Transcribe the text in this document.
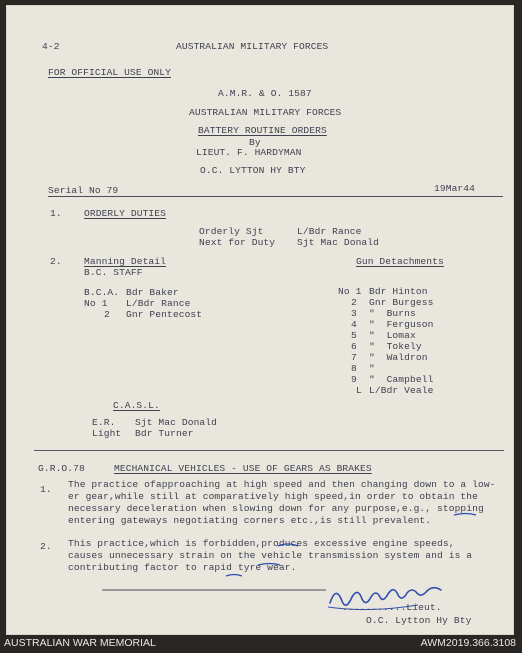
4-2	AUSTRALIAN MILITARY FORCES
FOR OFFICIAL USE ONLY
A.M.R. & O. 1587
AUSTRALIAN MILITARY FORCES
BATTERY ROUTINE ORDERS
By
LIEUT. F. HARDYMAN
O.C. LYTTON HY BTY
Serial No 79	19Mar44
1. ORDERLY DUTIES
Orderly Sjt	L/Bdr Rance
Next for Duty Sjt Mac Donald
2. Manning Detail
B.C. STAFF
Gun Detachments
B.C.A. Bdr Baker
No 1 L/Bdr Rance
2 Gnr Pentecost
No 1 Bdr Hinton
2 Gnr Burgess
3 "  Burns
4 "  Ferguson
5 "  Lomax
6 "  Tokely
7 "  Waldron
8 "
9 "  Campbell
L L/Bdr Veale
C.A.S.L.
E.R. Sjt Mac Donald
Light Bdr Turner
G.R.O.78	MECHANICAL VEHICLES - USE OF GEARS AS BRAKES
1. The practice ofapproaching at high speed and then changing down to a low-
er gear,while still at comparatively high speed,in order to obtain the
necessary deceleration when slowing down for any purpose,e.g., stopping
entering gateways negotiating corners etc.,is still prevalent.
2. This practice,which is forbidden,produces excessive engine speeds,
causes unnecessary strain on the vehicle transmission system and is a
contributing factor to rapid tyre wear.
...........Lieut.
O.C. Lytton Hy Bty
AUSTRALIAN WAR MEMORIAL	AWM2019.366.3108
